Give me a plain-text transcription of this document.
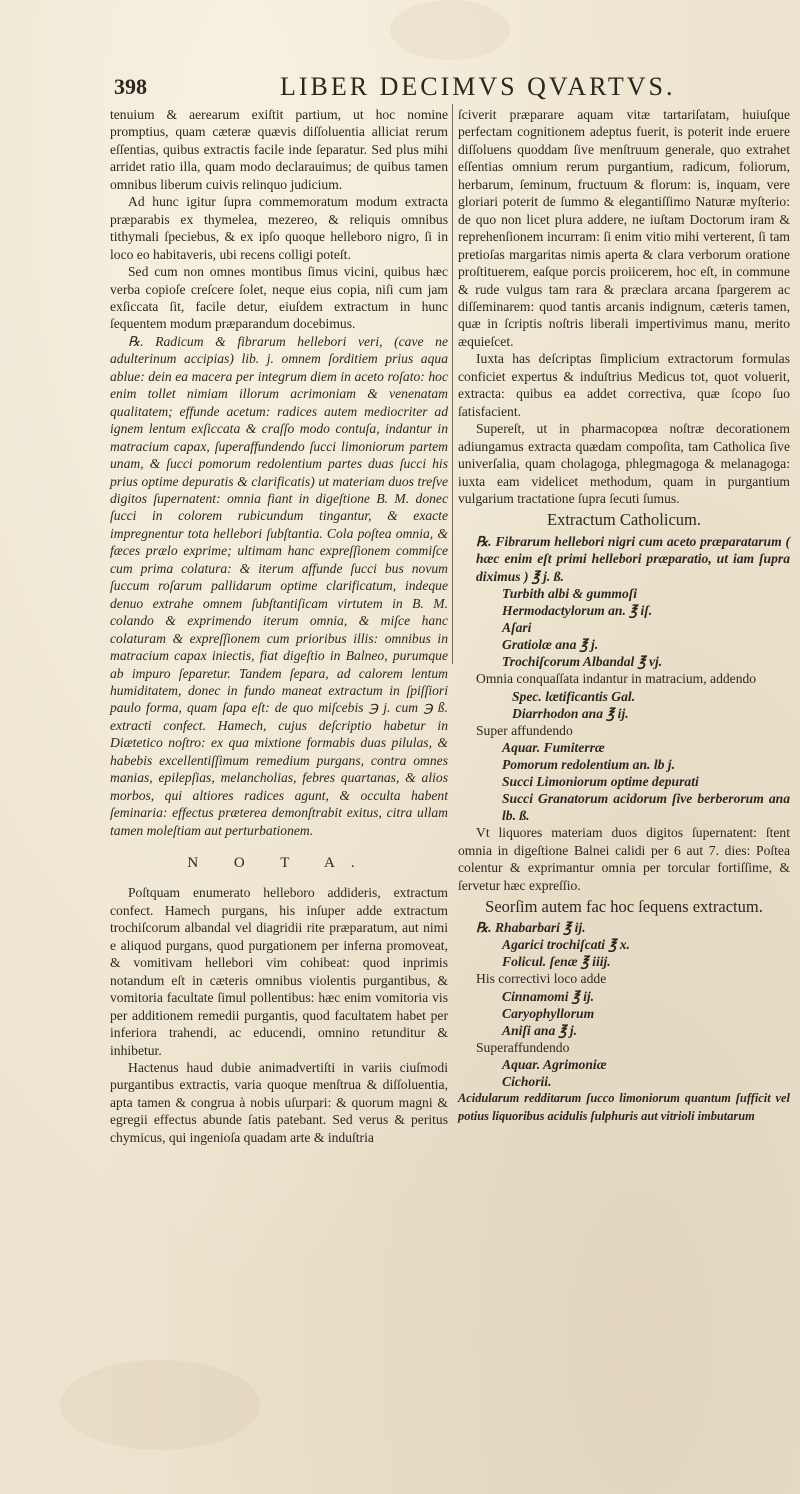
398	LIBER DECIMVS QVARTVS.

tenuium & aerearum exiſtit partium, ut hoc nomine promptius, quam cæteræ quævis diſſoluentia alliciat rerum eſſentias, quibus extractis facile inde ſeparatur. Sed plus mihi arridet ratio illa, quam modo declarauimus; de quibus tamen omnibus liberum cuivis relinquo judicium.

Ad hunc igitur ſupra commemoratum modum extracta præparabis ex thymelea, mezereo, & reliquis omnibus tithymali ſpeciebus, & ex ipſo quoque helleboro nigro, ſi in loco eo habitaveris, ubi recens colligi poteſt.

Sed cum non omnes montibus ſimus vicini, quibus hæc verba copioſe creſcere ſolet, neque eius copia, niſi cum jam exſiccata ſit, facile detur, eiuſdem extractum in hunc ſequentem modum præparandum docebimus.

℞. Radicum & fibrarum hellebori veri, (cave ne adulterinum accipias) lib. j. omnem ſorditiem prius aqua ablue: dein ea macera per integrum diem in aceto roſato: hoc enim tollet nimiam illorum acrimoniam & venenatam qualitatem; effunde acetum: radices autem mediocriter ad ignem lentum exſiccata & craſſo modo contuſa, indantur in matracium capax, ſuperaffundendo ſucci limoniorum partem unam, & ſucci pomorum redolentium partes duas ſucci his prius optime depuratis & clarificatis) ut materiam duos treſve digitos ſupernatent: omnia fiant in digeſtione B. M. donec ſucci in colorem rubicundum tingantur, & exacte impregnentur tota hellebori ſubſtantia. Cola poſtea omnia, & fæces prælo exprime; ultimam hanc expreſſionem commiſce cum prima colatura: & iterum affunde ſucci bus novum ſuccum roſarum pallidarum optime clarificatum, indeque denuo extrahe omnem ſubſtantiſicam virtutem in B. M. colando & exprimendo iterum omnia, & miſce hanc colaturam & expreſſionem cum prioribus illis: omnibus in matracium capax iniectis, fiat digeſtio in Balneo, purumque ab impuro ſeparetur. Tandem ſepara, ad calorem lentum humiditatem, donec in fundo maneat extractum in ſpiſſiori paulo forma, quam ſapa eſt: de quo miſcebis ℈ j. cum ℈ ß. extracti confect. Hamech, cujus deſcriptio habetur in Diætetico noſtro: ex qua mixtione formabis duas pilulas, & habebis excellentiſſimum remedium purgans, contra omnes manias, epilepſias, melancholias, febres quartanas, & alios morbos, qui altiores radices agunt, & occulta habent ſeminaria: effectus præterea demonſtrabit exitus, citra ullam tamen moleſtiam aut perturbationem.

N O T A.

Poſtquam enumerato helleboro addideris, extractum confect. Hamech purgans, his inſuper adde extractum trochiſcorum albandal vel diagridii rite præparatum, aut nimi e aliquod purgans, quod purgationem per inferna promoveat, & vomitivam hellebori vim cohibeat: quod inprimis notandum eſt in cæteris omnibus violentis purgantibus, & vomitoria facultate ſimul pollentibus: hæc enim vomitoria vis per additionem remedii purgantis, quod facultatem habet per inferiora trahendi, ac educendi, omnino retunditur & inhibetur.

Hactenus haud dubie animadvertiſti in variis ciuſmodi purgantibus extractis, varia quoque menſtrua & diſſoluentia, apta tamen & congrua à nobis uſurpari: & quorum magni & egregii effectus abunde ſatis patebant. Sed verus & peritus chymicus, qui ingenioſa quadam arte & induſtria

ſciverit præparare aquam vitæ tartariſatam, huiuſque perfectam cognitionem adeptus fuerit, is poterit inde eruere diſſoluens quoddam ſive menſtruum generale, quo extrahet eſſentias omnium rerum purgantium, radicum, foliorum, herbarum, ſeminum, fructuum & florum: is, inquam, vere gloriari poterit de ſummo & elegantiſſimo Naturæ myſterio: de quo non licet plura addere, ne iuſtam Doctorum iram & reprehenſionem incurram: ſi enim vitio mihi verterent, ſi tam pretioſas margaritas nimis aperta & clara verborum oratione proſtituerem, eaſque porcis proiicerem, hoc eſt, in commune & rude vulgus tam rara & præclara arcana ſpargerem ac diſſeminarem: quod tantis arcanis indignum, cæteris tamen, quæ in ſcriptis noſtris liberali impertivimus manu, merito æquieſcet.

Iuxta has deſcriptas ſimplicium extractorum formulas conficiet expertus & induſtrius Medicus tot, quot voluerit, extracta: quibus ea addet correctiva, quæ ſcopo ſuo ſatisfacient.

Supereſt, ut in pharmacopœa noſtræ decorationem adiungamus extracta quædam compoſita, tam Catholica ſive univerſalia, quam cholagoga, phlegmagoga & melanagoga: iuxta eam videlicet methodum, quam in purgantium vulgarium tractatione ſupra ſecuti ſumus.

Extractum Catholicum.

℞. Fibrarum hellebori nigri cum aceto præparatarum ( hæc enim eſt primi hellebori præparatio, ut iam ſupra diximus ) ℥ j. ß.

Turbith albi & gummoſi
Hermodactylorum an. ℥ iſ.
Aſari
Gratiolæ ana ℥ j.
Trochiſcorum Albandal ℥ vj.

Omnia conquaſſata indantur in matracium, addendo

Spec. lætificantis Gal.
Diarrhodon ana ℥ ij.

Super affundendo

Aquar. Fumiterræ
Pomorum redolentium an. lb j.
Succi Limoniorum optime depurati
Succi Granatorum acidorum ſive berberorum ana lb. ß.

Vt liquores materiam duos digitos ſupernatent: ſtent omnia in digeſtione Balnei calidi per 6 aut 7. dies: Poſtea colentur & exprimantur omnia per torcular fortiſſime, & ſervetur hæc expreſſio.

Seorſim autem fac hoc ſequens extractum.
℞. Rhabarbari ℥ ij.
Agarici trochiſcati ℥ x.
Folicul. ſenæ ℥ iiij.
His correctivi loco adde
Cinnamomi ℥ ij.
Caryophyllorum
Aniſi ana ℥ j.
Superaffundendo
Aquar. Agrimoniæ
Cichorii.

Acidularum redditarum ſucco limoniorum quantum ſufficit vel potius liquoribus acidulis ſulphuris aut vitrioli imbutarum
